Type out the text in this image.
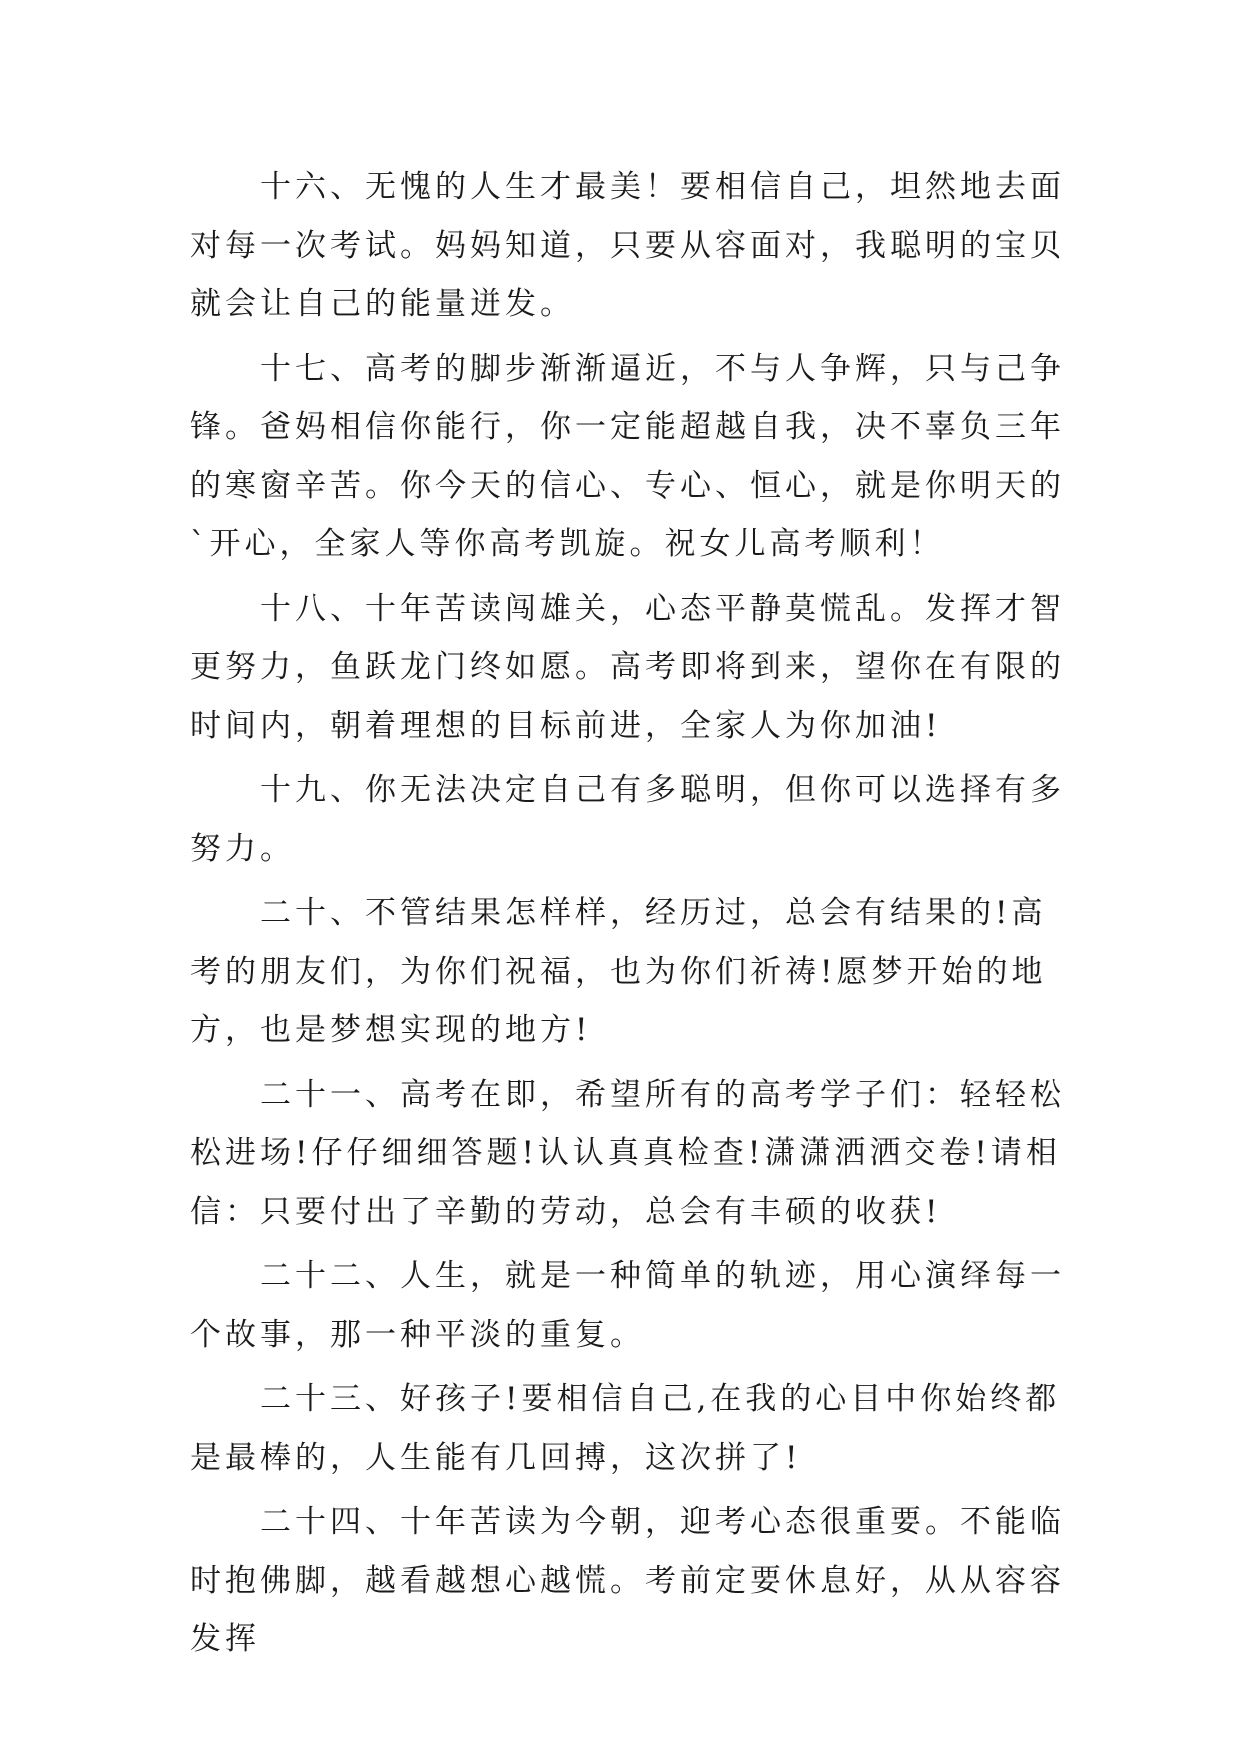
十六、无愧的人生才最美！要相信自己，坦然地去面对每一次考试。妈妈知道，只要从容面对，我聪明的宝贝就会让自己的能量迸发。

十七、高考的脚步渐渐逼近，不与人争辉，只与己争锋。爸妈相信你能行，你一定能超越自我，决不辜负三年的寒窗辛苦。你今天的信心、专心、恒心，就是你明天的`开心，全家人等你高考凯旋。祝女儿高考顺利！

十八、十年苦读闯雄关，心态平静莫慌乱。发挥才智更努力，鱼跃龙门终如愿。高考即将到来，望你在有限的时间内，朝着理想的目标前进，全家人为你加油!

十九、你无法决定自己有多聪明，但你可以选择有多努力。

二十、不管结果怎样样，经历过，总会有结果的!高考的朋友们，为你们祝福，也为你们祈祷!愿梦开始的地方，也是梦想实现的地方!

二十一、高考在即，希望所有的高考学子们：轻轻松松进场!仔仔细细答题!认认真真检查!潇潇洒洒交卷!请相信：只要付出了辛勤的劳动，总会有丰硕的收获!

二十二、人生，就是一种简单的轨迹，用心演绎每一个故事，那一种平淡的重复。

二十三、好孩子!要相信自己,在我的心目中你始终都是最棒的，人生能有几回搏，这次拼了!

二十四、十年苦读为今朝，迎考心态很重要。不能临时抱佛脚，越看越想心越慌。考前定要休息好，从从容容发挥
